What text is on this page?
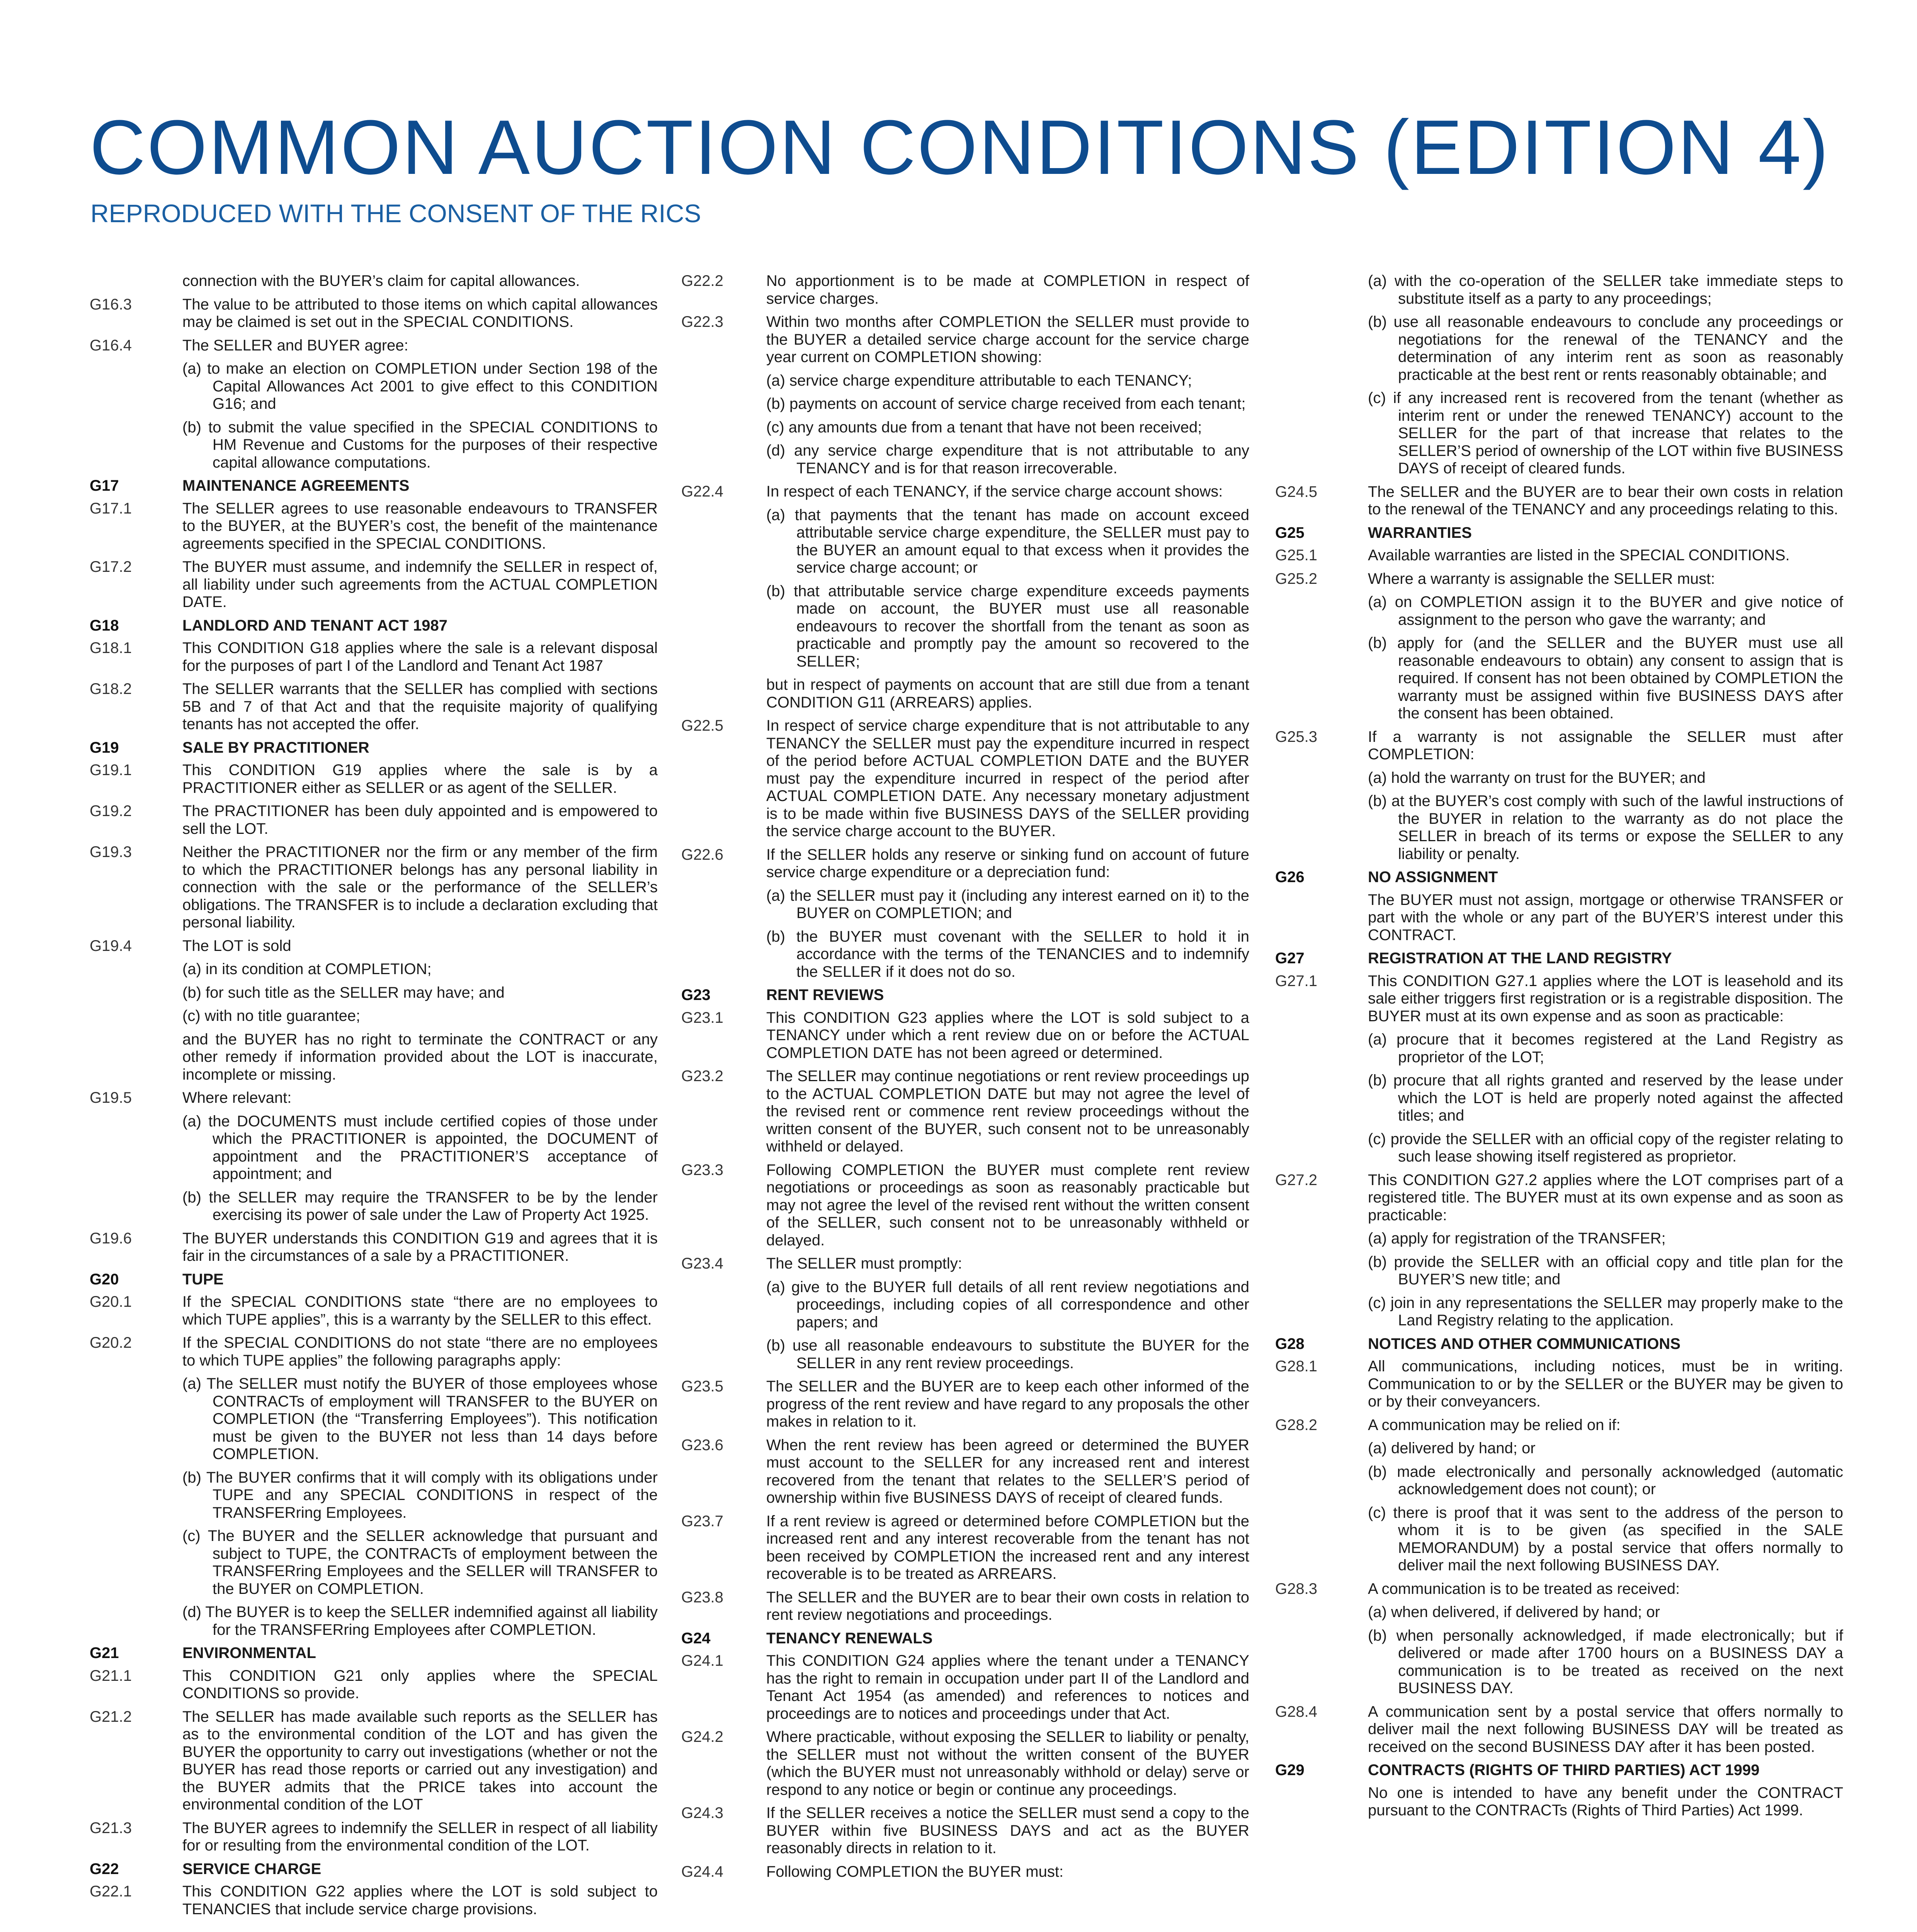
COMMON AUCTION CONDITIONS (EDITION 4)

REPRODUCED WITH THE CONSENT OF THE RICS

connection with the BUYER’s claim for capital allowances.
G16.3	The value to be attributed to those items on which capital allowances may be claimed is set out in the SPECIAL CONDITIONS.
G16.4	The SELLER and BUYER agree:
(a) to make an election on COMPLETION under Section 198 of the Capital Allowances Act 2001 to give effect to this CONDITION G16; and
(b) to submit the value specified in the SPECIAL CONDITIONS to HM Revenue and Customs for the purposes of their respective capital allowance computations.
G17	MAINTENANCE AGREEMENTS
G17.1	The SELLER agrees to use reasonable endeavours to TRANSFER to the BUYER, at the BUYER’s cost, the benefit of the maintenance agreements specified in the SPECIAL CONDITIONS.
G17.2	The BUYER must assume, and indemnify the SELLER in respect of, all liability under such agreements from the ACTUAL COMPLETION DATE.
G18	LANDLORD AND TENANT ACT 1987
G18.1	This CONDITION G18 applies where the sale is a relevant disposal for the purposes of part I of the Landlord and Tenant Act 1987
G18.2	The SELLER warrants that the SELLER has complied with sections 5B and 7 of that Act and that the requisite majority of qualifying tenants has not accepted the offer.
G19	SALE BY PRACTITIONER
G19.1	This CONDITION G19 applies where the sale is by a PRACTITIONER either as SELLER or as agent of the SELLER.
G19.2	The PRACTITIONER has been duly appointed and is empowered to sell the LOT.
G19.3	Neither the PRACTITIONER nor the firm or any member of the firm to which the PRACTITIONER belongs has any personal liability in connection with the sale or the performance of the SELLER’s obligations. The TRANSFER is to include a declaration excluding that personal liability.
G19.4	The LOT is sold
(a) in its condition at COMPLETION;
(b) for such title as the SELLER may have; and
(c) with no title guarantee;
and the BUYER has no right to terminate the CONTRACT or any other remedy if information provided about the LOT is inaccurate, incomplete or missing.
G19.5	Where relevant:
(a) the DOCUMENTS must include certified copies of those under which the PRACTITIONER is appointed, the DOCUMENT of appointment and the PRACTITIONER’S acceptance of appointment; and
(b) the SELLER may require the TRANSFER to be by the lender exercising its power of sale under the Law of Property Act 1925.
G19.6	The BUYER understands this CONDITION G19 and agrees that it is fair in the circumstances of a sale by a PRACTITIONER.
G20	TUPE
G20.1	If the SPECIAL CONDITIONS state “there are no employees to which TUPE applies”, this is a warranty by the SELLER to this effect.
G20.2	If the SPECIAL CONDITIONS do not state “there are no employees to which TUPE applies” the following paragraphs apply:
(a) The SELLER must notify the BUYER of those employees whose CONTRACTs of employment will TRANSFER to the BUYER on COMPLETION (the “Transferring Employees”). This notification must be given to the BUYER not less than 14 days before COMPLETION.
(b) The BUYER confirms that it will comply with its obligations under TUPE and any SPECIAL CONDITIONS in respect of the TRANSFERring Employees.
(c) The BUYER and the SELLER acknowledge that pursuant and subject to TUPE, the CONTRACTs of employment between the TRANSFERring Employees and the SELLER will TRANSFER to the BUYER on COMPLETION.
(d) The BUYER is to keep the SELLER indemnified against all liability for the TRANSFERring Employees after COMPLETION.
G21	ENVIRONMENTAL
G21.1	This CONDITION G21 only applies where the SPECIAL CONDITIONS so provide.
G21.2	The SELLER has made available such reports as the SELLER has as to the environmental condition of the LOT and has given the BUYER the opportunity to carry out investigations (whether or not the BUYER has read those reports or carried out any investigation) and the BUYER admits that the PRICE takes into account the environmental condition of the LOT
G21.3	The BUYER agrees to indemnify the SELLER in respect of all liability for or resulting from the environmental condition of the LOT.
G22	SERVICE CHARGE
G22.1	This CONDITION G22 applies where the LOT is sold subject to TENANCIES that include service charge provisions.
G22.2	No apportionment is to be made at COMPLETION in respect of service charges.
G22.3	Within two months after COMPLETION the SELLER must provide to the BUYER a detailed service charge account for the service charge year current on COMPLETION showing:
(a) service charge expenditure attributable to each TENANCY;
(b) payments on account of service charge received from each tenant;
(c) any amounts due from a tenant that have not been received;
(d) any service charge expenditure that is not attributable to any TENANCY and is for that reason irrecoverable.
G22.4	In respect of each TENANCY, if the service charge account shows:
(a) that payments that the tenant has made on account exceed attributable service charge expenditure, the SELLER must pay to the BUYER an amount equal to that excess when it provides the service charge account; or
(b) that attributable service charge expenditure exceeds payments made on account, the BUYER must use all reasonable endeavours to recover the shortfall from the tenant as soon as practicable and promptly pay the amount so recovered to the SELLER;
but in respect of payments on account that are still due from a tenant CONDITION G11 (ARREARS) applies.
G22.5	In respect of service charge expenditure that is not attributable to any TENANCY the SELLER must pay the expenditure incurred in respect of the period before ACTUAL COMPLETION DATE and the BUYER must pay the expenditure incurred in respect of the period after ACTUAL COMPLETION DATE. Any necessary monetary adjustment is to be made within five BUSINESS DAYS of the SELLER providing the service charge account to the BUYER.
G22.6	If the SELLER holds any reserve or sinking fund on account of future service charge expenditure or a depreciation fund:
(a) the SELLER must pay it (including any interest earned on it) to the BUYER on COMPLETION; and
(b) the BUYER must covenant with the SELLER to hold it in accordance with the terms of the TENANCIES and to indemnify the SELLER if it does not do so.
G23	RENT REVIEWS
G23.1	This CONDITION G23 applies where the LOT is sold subject to a TENANCY under which a rent review due on or before the ACTUAL COMPLETION DATE has not been agreed or determined.
G23.2	The SELLER may continue negotiations or rent review proceedings up to the ACTUAL COMPLETION DATE but may not agree the level of the revised rent or commence rent review proceedings without the written consent of the BUYER, such consent not to be unreasonably withheld or delayed.
G23.3	Following COMPLETION the BUYER must complete rent review negotiations or proceedings as soon as reasonably practicable but may not agree the level of the revised rent without the written consent of the SELLER, such consent not to be unreasonably withheld or delayed.
G23.4	The SELLER must promptly:
(a) give to the BUYER full details of all rent review negotiations and proceedings, including copies of all correspondence and other papers; and
(b) use all reasonable endeavours to substitute the BUYER for the SELLER in any rent review proceedings.
G23.5	The SELLER and the BUYER are to keep each other informed of the progress of the rent review and have regard to any proposals the other makes in relation to it.
G23.6	When the rent review has been agreed or determined the BUYER must account to the SELLER for any increased rent and interest recovered from the tenant that relates to the SELLER’S period of ownership within five BUSINESS DAYS of receipt of cleared funds.
G23.7	If a rent review is agreed or determined before COMPLETION but the increased rent and any interest recoverable from the tenant has not been received by COMPLETION the increased rent and any interest recoverable is to be treated as ARREARS.
G23.8	The SELLER and the BUYER are to bear their own costs in relation to rent review negotiations and proceedings.
G24	TENANCY RENEWALS
G24.1	This CONDITION G24 applies where the tenant under a TENANCY has the right to remain in occupation under part II of the Landlord and Tenant Act 1954 (as amended) and references to notices and proceedings are to notices and proceedings under that Act.
G24.2	Where practicable, without exposing the SELLER to liability or penalty, the SELLER must not without the written consent of the BUYER (which the BUYER must not unreasonably withhold or delay) serve or respond to any notice or begin or continue any proceedings.
G24.3	If the SELLER receives a notice the SELLER must send a copy to the BUYER within five BUSINESS DAYS and act as the BUYER reasonably directs in relation to it.
G24.4	Following COMPLETION the BUYER must:
(a) with the co-operation of the SELLER take immediate steps to substitute itself as a party to any proceedings;
(b) use all reasonable endeavours to conclude any proceedings or negotiations for the renewal of the TENANCY and the determination of any interim rent as soon as reasonably practicable at the best rent or rents reasonably obtainable; and
(c) if any increased rent is recovered from the tenant (whether as interim rent or under the renewed TENANCY) account to the SELLER for the part of that increase that relates to the SELLER’S period of ownership of the LOT within five BUSINESS DAYS of receipt of cleared funds.
G24.5	The SELLER and the BUYER are to bear their own costs in relation to the renewal of the TENANCY and any proceedings relating to this.
G25	WARRANTIES
G25.1	Available warranties are listed in the SPECIAL CONDITIONS.
G25.2	Where a warranty is assignable the SELLER must:
(a) on COMPLETION assign it to the BUYER and give notice of assignment to the person who gave the warranty; and
(b) apply for (and the SELLER and the BUYER must use all reasonable endeavours to obtain) any consent to assign that is required. If consent has not been obtained by COMPLETION the warranty must be assigned within five BUSINESS DAYS after the consent has been obtained.
G25.3	If a warranty is not assignable the SELLER must after COMPLETION:
(a) hold the warranty on trust for the BUYER; and
(b) at the BUYER’s cost comply with such of the lawful instructions of the BUYER in relation to the warranty as do not place the SELLER in breach of its terms or expose the SELLER to any liability or penalty.
G26	NO ASSIGNMENT
The BUYER must not assign, mortgage or otherwise TRANSFER or part with the whole or any part of the BUYER’S interest under this CONTRACT.
G27	REGISTRATION AT THE LAND REGISTRY
G27.1	This CONDITION G27.1 applies where the LOT is leasehold and its sale either triggers first registration or is a registrable disposition. The BUYER must at its own expense and as soon as practicable:
(a) procure that it becomes registered at the Land Registry as proprietor of the LOT;
(b) procure that all rights granted and reserved by the lease under which the LOT is held are properly noted against the affected titles; and
(c) provide the SELLER with an official copy of the register relating to such lease showing itself registered as proprietor.
G27.2	This CONDITION G27.2 applies where the LOT comprises part of a registered title. The BUYER must at its own expense and as soon as practicable:
(a) apply for registration of the TRANSFER;
(b) provide the SELLER with an official copy and title plan for the BUYER’S new title; and
(c) join in any representations the SELLER may properly make to the Land Registry relating to the application.
G28	NOTICES AND OTHER COMMUNICATIONS
G28.1	All communications, including notices, must be in writing. Communication to or by the SELLER or the BUYER may be given to or by their conveyancers.
G28.2	A communication may be relied on if:
(a) delivered by hand; or
(b) made electronically and personally acknowledged (automatic acknowledgement does not count); or
(c) there is proof that it was sent to the address of the person to whom it is to be given (as specified in the SALE MEMORANDUM) by a postal service that offers normally to deliver mail the next following BUSINESS DAY.
G28.3	A communication is to be treated as received:
(a) when delivered, if delivered by hand; or
(b) when personally acknowledged, if made electronically; but if delivered or made after 1700 hours on a BUSINESS DAY a communication is to be treated as received on the next BUSINESS DAY.
G28.4	A communication sent by a postal service that offers normally to deliver mail the next following BUSINESS DAY will be treated as received on the second BUSINESS DAY after it has been posted.
G29	CONTRACTS (RIGHTS OF THIRD PARTIES) ACT 1999
No one is intended to have any benefit under the CONTRACT pursuant to the CONTRACTs (Rights of Third Parties) Act 1999.
